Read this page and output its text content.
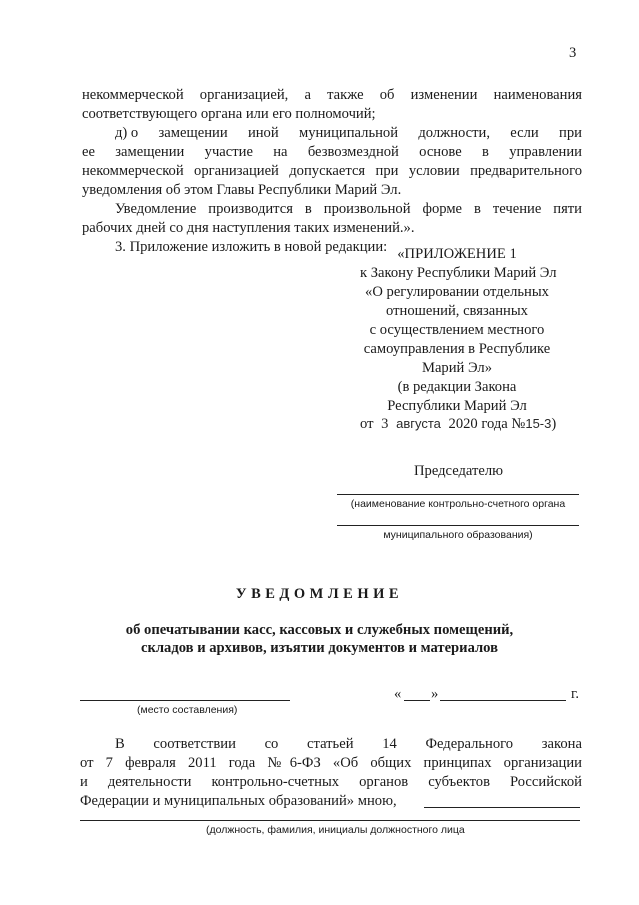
3
некоммерческой организацией, а также об изменении наименования
соответствующего органа или его полномочий;
д) о замещении иной муниципальной должности, если при
ее замещении участие на безвозмездной основе в управлении
некоммерческой организацией допускается при условии предварительного
уведомления об этом Главы Республики Марий Эл.
Уведомление производится в произвольной форме в течение пяти
рабочих дней со дня наступления таких изменений.».
3. Приложение изложить в новой редакции: «ПРИЛОЖЕНИЕ 1
к Закону Республики Марий Эл
«О регулировании отдельных
отношений, связанных
с осуществлением местного
самоуправления в Республике
Марий Эл»
(в редакции Закона
Республики Марий Эл
от 3 августа 2020 года №15-3)
Председателю
(наименование контрольно-счетного органа
муниципального образования)
УВЕДОМЛЕНИЕ
об опечатывании касс, кассовых и служебных помещений,
складов и архивов, изъятии документов и материалов
(место составления)
« »	г.
В соответствии со статьей 14 Федерального закона
от 7 февраля 2011 года №6-ФЗ «Об общих принципах организации
и деятельности контрольно-счетных органов субъектов Российской
Федерации и муниципальных образований» мною,
(должность, фамилия, инициалы должностного лица
